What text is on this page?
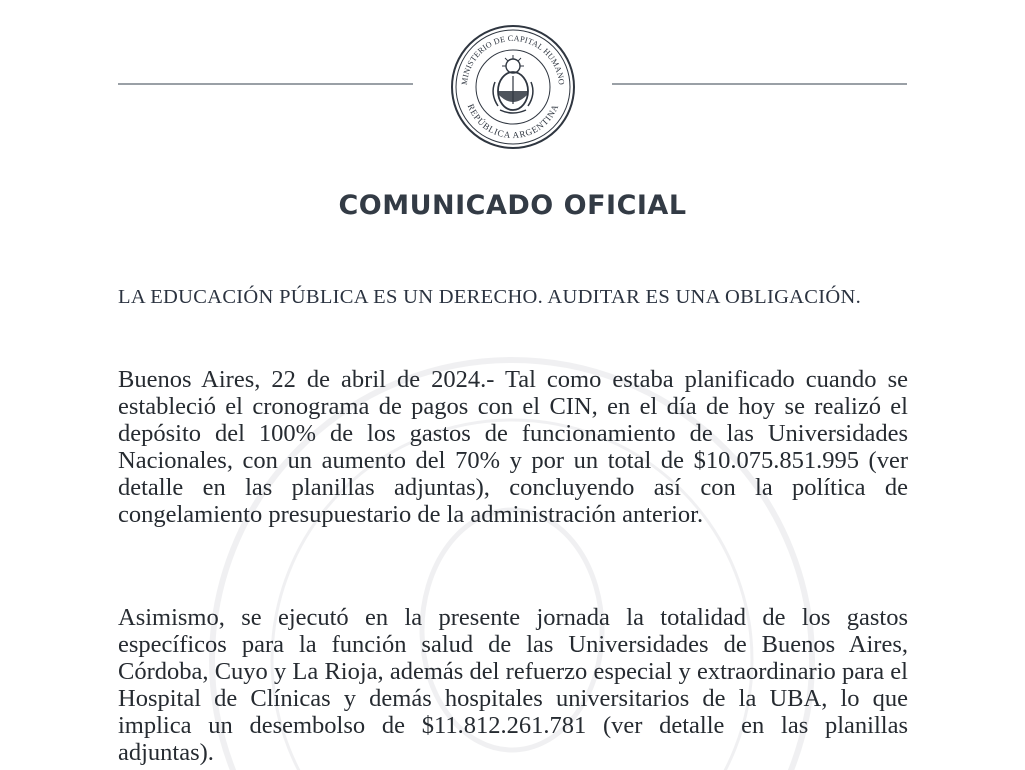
MINISTERIO DE CAPITAL HUMANO
REPÚBLICA ARGENTINA
COMUNICADO OFICIAL

LA EDUCACIÓN PÚBLICA ES UN DERECHO. AUDITAR ES UNA OBLIGACIÓN.

Buenos Aires, 22 de abril de 2024.- Tal como estaba planificado cuando se estableció el cronograma de pagos con el CIN, en el día de hoy se realizó el depósito del 100% de los gastos de funcionamiento de las Universidades Nacionales, con un aumento del 70% y por un total de $10.075.851.995 (ver detalle en las planillas adjuntas), concluyendo así con la política de congelamiento presupuestario de la administración anterior.

Asimismo, se ejecutó en la presente jornada la totalidad de los gastos específicos para la función salud de las Universidades de Buenos Aires, Córdoba, Cuyo y La Rioja, además del refuerzo especial y extraordinario para el Hospital de Clínicas y demás hospitales universitarios de la UBA, lo que implica un desembolso de $11.812.261.781 (ver detalle en las planillas adjuntas).
